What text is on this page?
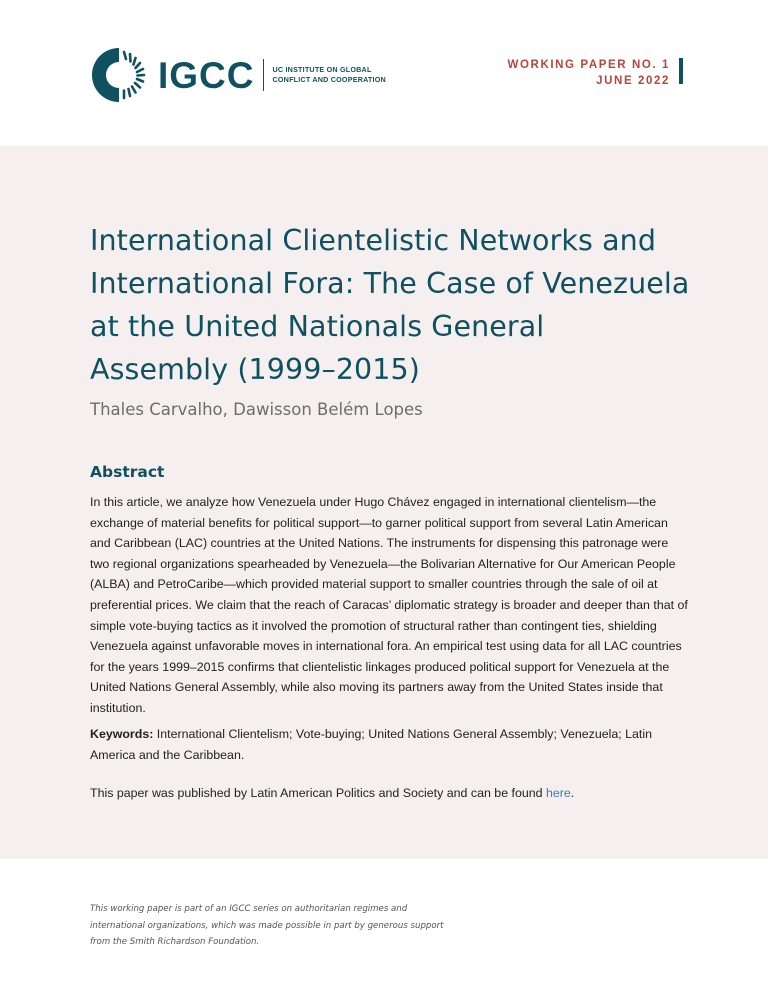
IGCC	UC INSTITUTE ON GLOBAL
CONFLICT AND COOPERATION
WORKING PAPER NO. 1
JUNE 2022
International Clientelistic Networks and International Fora: The Case of Venezuela at the United Nationals General Assembly (1999–2015)
Thales Carvalho, Dawisson Belém Lopes
Abstract

In this article, we analyze how Venezuela under Hugo Chávez engaged in international clientelism—the exchange of material benefits for political support—to garner political support from several Latin American and Caribbean (LAC) countries at the United Nations. The instruments for dispensing this patronage were two regional organizations spearheaded by Venezuela—the Bolivarian Alternative for Our American People (ALBA) and PetroCaribe—which provided material support to smaller countries through the sale of oil at preferential prices. We claim that the reach of Caracas’ diplomatic strategy is broader and deeper than that of simple vote-buying tactics as it involved the promotion of structural rather than contingent ties, shielding Venezuela against unfavorable moves in international fora. An empirical test using data for all LAC countries for the years 1999–2015 confirms that clientelistic linkages produced political support for Venezuela at the United Nations General Assembly, while also moving its partners away from the United States inside that institution.

Keywords: International Clientelism; Vote-buying; United Nations General Assembly; Venezuela; Latin America and the Caribbean.

This paper was published by Latin American Politics and Society and can be found here.

This working paper is part of an IGCC series on authoritarian regimes and international organizations, which was made possible in part by generous support from the Smith Richardson Foundation.
